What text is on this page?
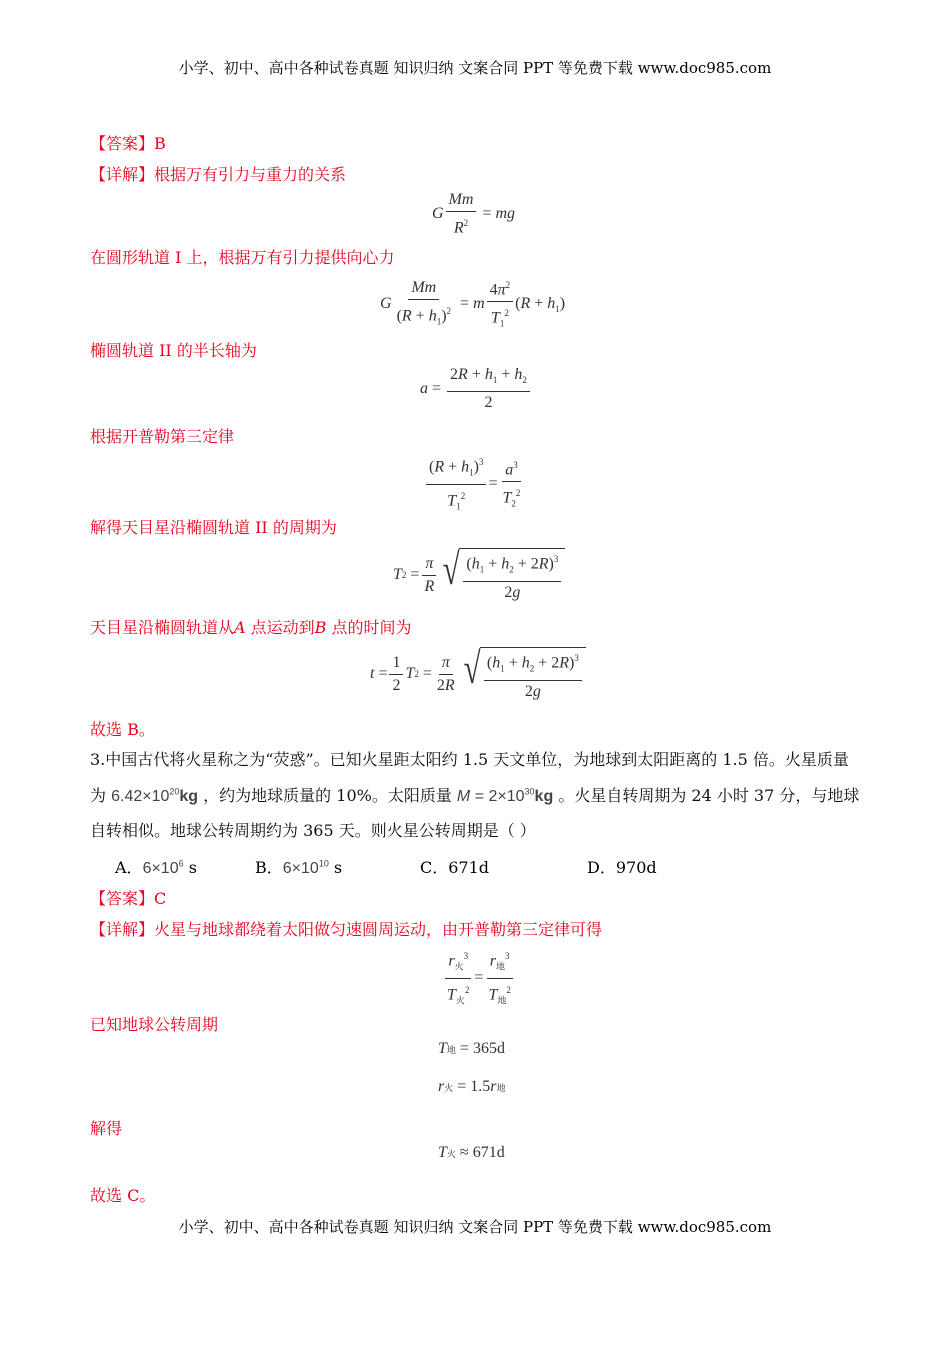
小学、初中、高中各种试卷真题 知识归纳 文案合同 PPT 等免费下载 www.doc985.com
【答案】B
【详解】根据万有引力与重力的关系
G $\frac{Mm}{R^2}$ = mg
在圆形轨道 I 上，根据万有引力提供向心力
G $\frac{Mm}{(R + h_1)^2} = m \frac{4\pi^2}{T_1^2} (R + h_1)$
椭圆轨道 II 的半长轴为
$a = \frac{2R + h_1 + h_2}{2}$
根据开普勒第三定律
$\frac{(R + h_1)^3}{T_1^2} = \frac{a^3}{T_2^2}$
解得天目星沿椭圆轨道 II 的周期为
T $2 = \frac{\pi}{R}$ √ $\frac{(h_1 + h_2 + 2R)^3}{2g}$
天目星沿椭圆轨道从A 点运动到B 点的时间为
$t = \frac{1}{2}$ T $2 = \frac{\pi}{2R}$ √ $\frac{(h_1 + h_2 + 2R)^3}{2g}$
故选 B。
3.中国古代将火星称之为“荧惑”。已知火星距太阳约 1.5 天文单位，为地球到太阳距离的 1.5 倍。火星质量
为 $6.42\times 10^{20}kg$ ，约为地球质量的 10%。太阳质量 $M = 2\times 10^{30}kg$ 。火星自转周期为 24 小时 37 分，与地球
自转相似。地球公转周期约为 365 天。则火星公转周期是（ ）
A．$6\times 10^6$ s	B．$6\times 10^{10}$ s	C．671d	D．970d
【答案】C
【详解】火星与地球都绕着太阳做匀速圆周运动，由开普勒第三定律可得
$\frac{r_火^3}{T_火^2} = \frac{r_地^3}{T_地^2}$
已知地球公转周期
T 地
= 365d
r 火
= 1.5 r 地
解得
T 火
≈ 671d
故选 C。
小学、初中、高中各种试卷真题 知识归纳 文案合同 PPT 等免费下载 www.doc985.com
